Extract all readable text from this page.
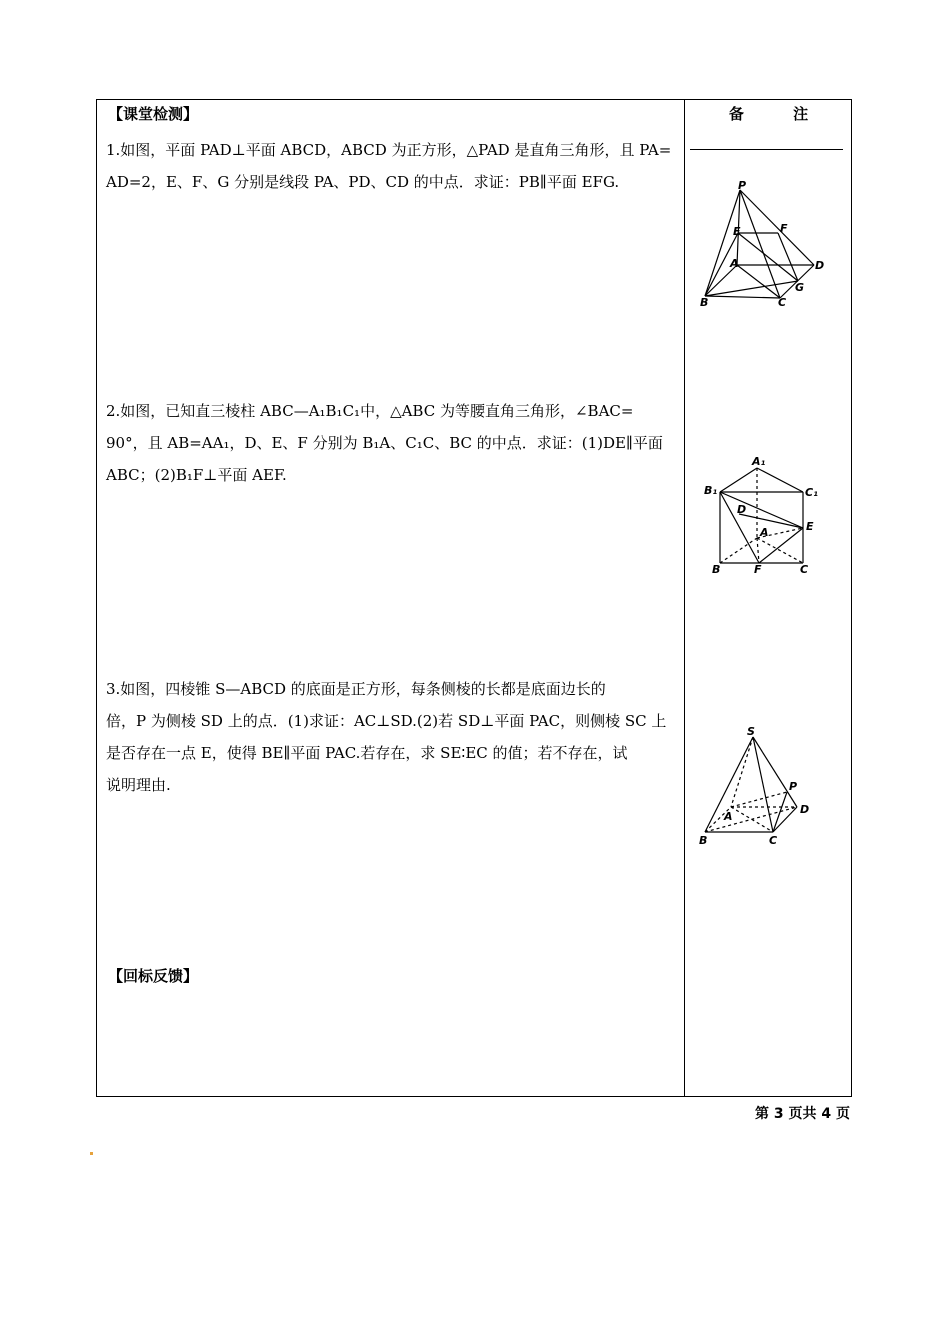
【课堂检测】	备 注

1.如图，平面 PAD⊥平面 ABCD，ABCD 为正方形，△PAD 是直角三角形，且 PA=

AD=2，E、F、G 分别是线段 PA、PD、CD 的中点．求证：PB∥平面 EFG.

2.如图，已知直三棱柱 ABC—A₁B₁C₁中，△ABC 为等腰直角三角形，∠BAC=

90°，且 AB=AA₁，D、E、F 分别为 B₁A、C₁C、BC 的中点．求证：(1)DE∥平面

ABC；(2)B₁F⊥平面 AEF.

3.如图，四棱锥 S—ABCD 的底面是正方形，每条侧棱的长都是底面边长的

倍，P 为侧棱 SD 上的点．(1)求证：AC⊥SD.(2)若 SD⊥平面 PAC，则侧棱 SC 上

是否存在一点 E，使得 BE∥平面 PAC.若存在，求 SE∶EC 的值；若不存在，试

说明理由.

P
E	F
A	D
G
B	C
A₁
B₁	C₁
D
E
A
B	F	C
S
P
D
A
B	C
【回标反馈】
第 3 页共 4 页
